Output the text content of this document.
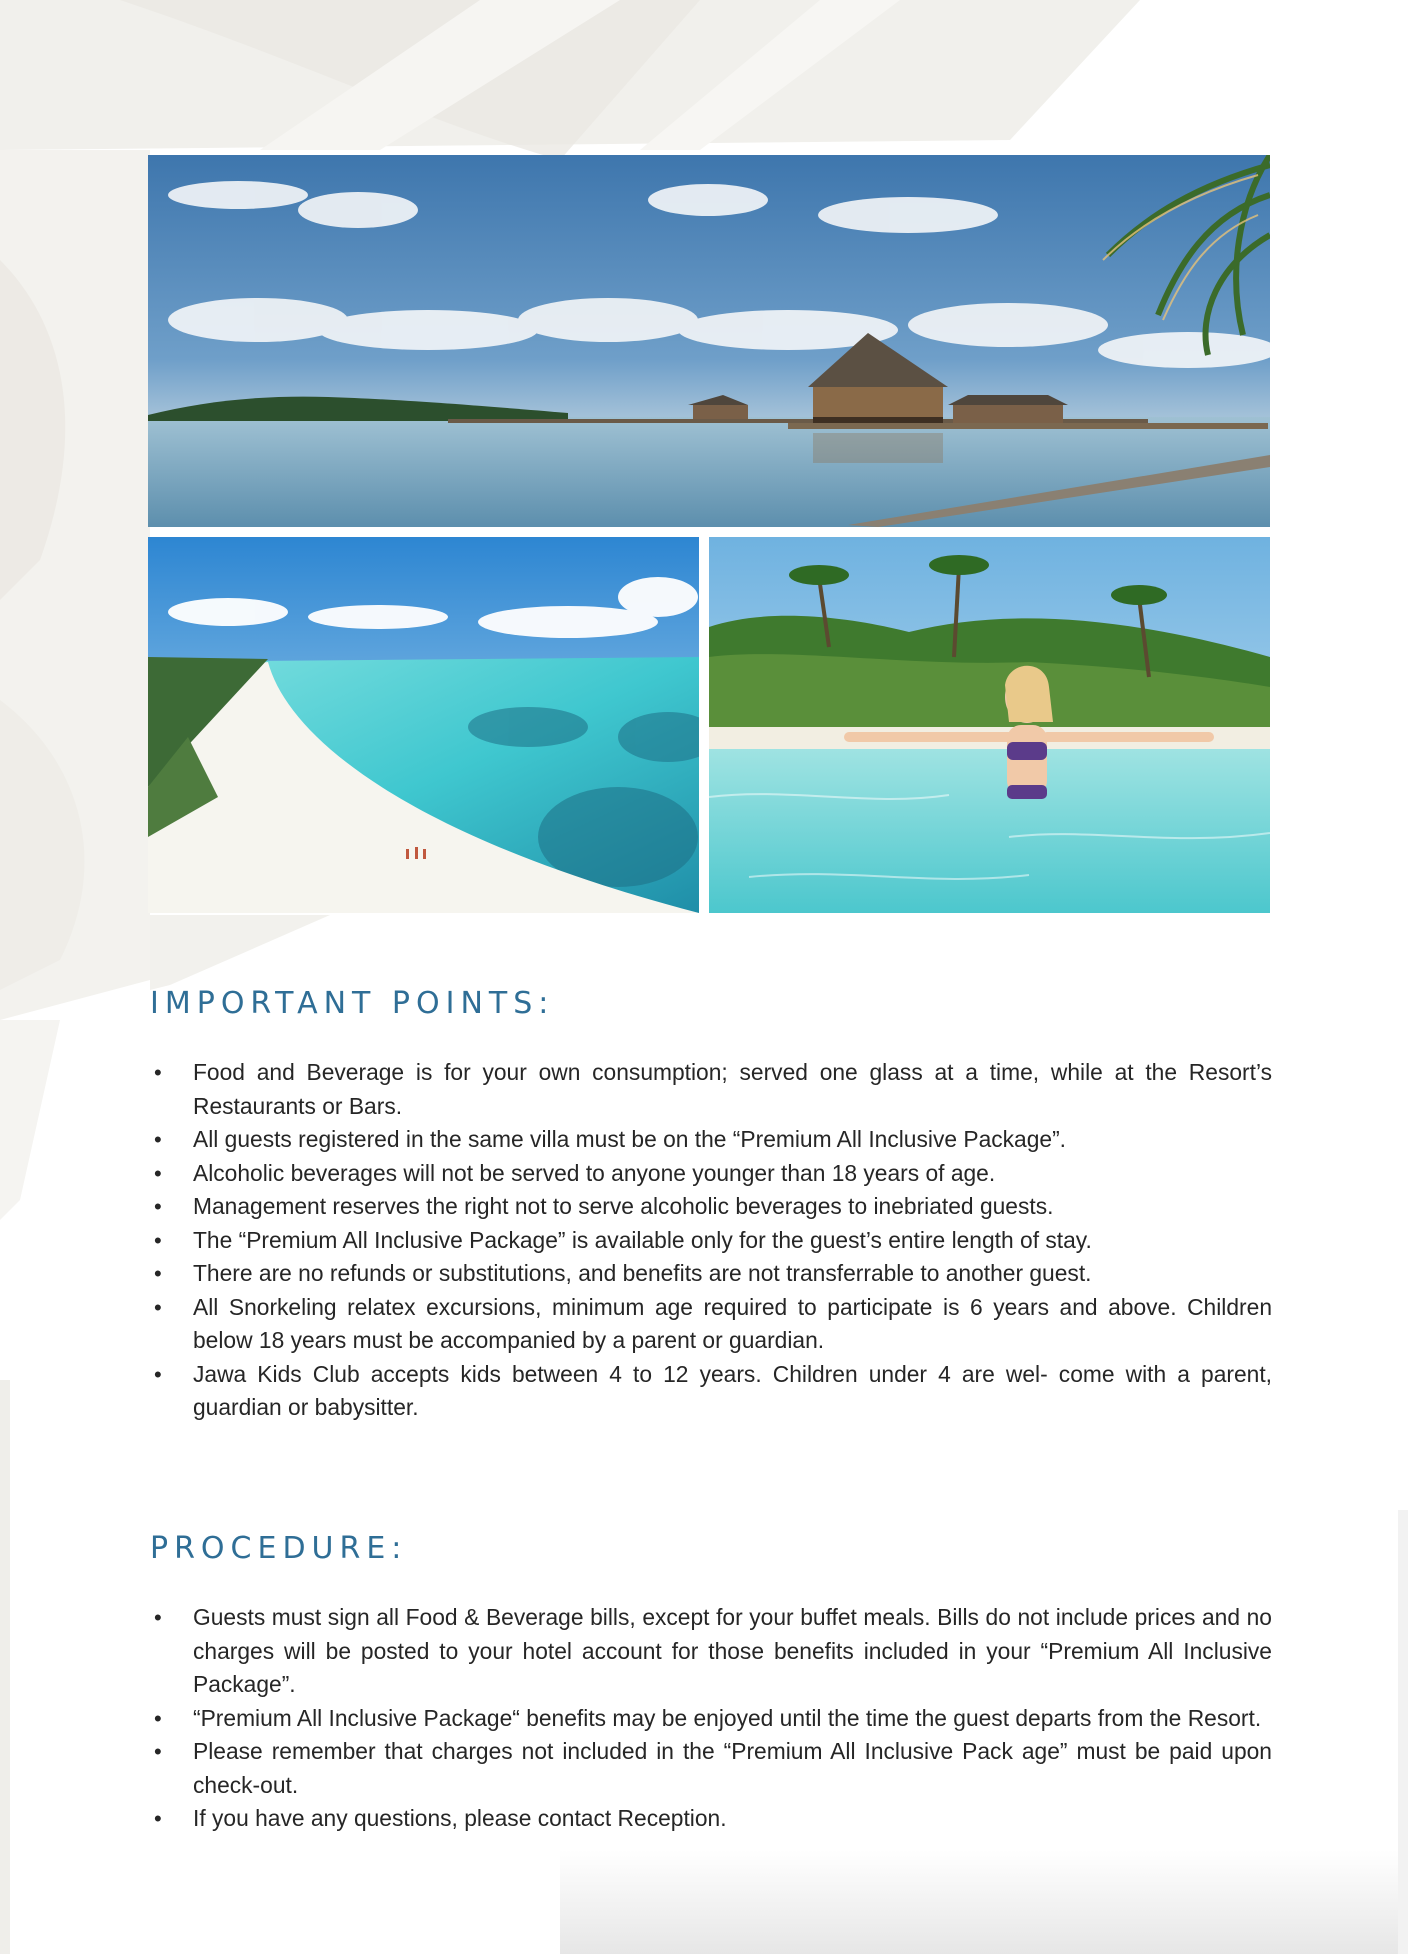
IMPORTANT POINTS:
• Food and Beverage is for your own consumption; served one glass at a time, while at the Resort’s Restaurants or Bars.
• All guests registered in the same villa must be on the “Premium All Inclusive Package”.
• Alcoholic beverages will not be served to anyone younger than 18 years of age.
• Management reserves the right not to serve alcoholic beverages to inebriated guests.
• The “Premium All Inclusive Package” is available only for the guest’s entire length of stay.
• There are no refunds or substitutions, and benefits are not transferrable to another guest.
• All Snorkeling relatex excursions, minimum age required to participate is 6 years and above. Children below 18 years must be accompanied by a parent or guardian.
• Jawa Kids Club accepts kids between 4 to 12 years. Children under 4 are wel- come with a parent, guardian or babysitter.
PROCEDURE:
• Guests must sign all Food & Beverage bills, except for your buffet meals. Bills do not include prices and no charges will be posted to your hotel account for those benefits included in your “Premium All Inclusive Package”.
• “Premium All Inclusive Package“ benefits may be enjoyed until the time the guest departs from the Resort.
• Please remember that charges not included in the “Premium All Inclusive Pack age” must be paid upon check-out.
• If you have any questions, please contact Reception.
